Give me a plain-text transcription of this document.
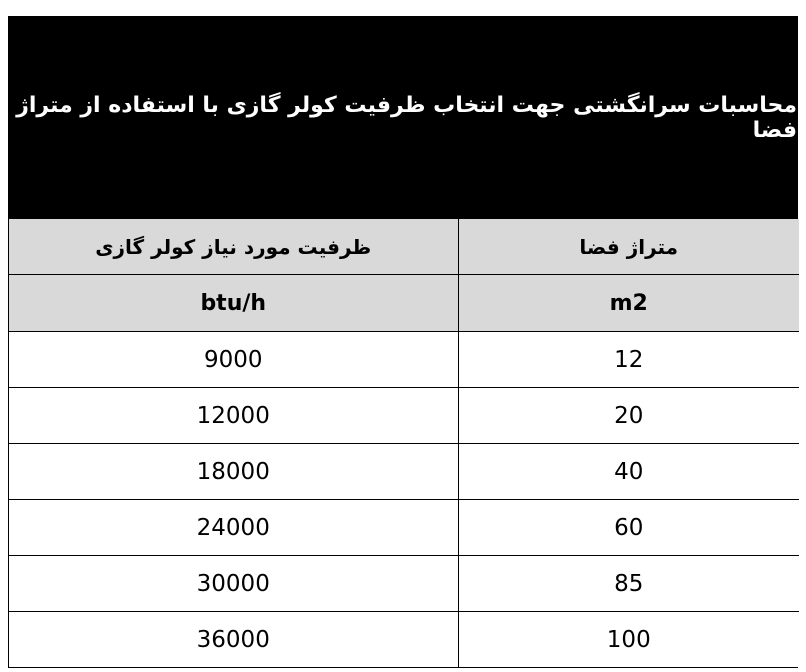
محاسبات سرانگشتی جهت انتخاب ظرفیت کولر گازی با استفاده از متراژ فضا
ظرفیت مورد نیاز کولر گازی	متراژ فضا
btu/h	m2
9000	12
12000	20
18000	40
24000	60
30000	85
36000	100
